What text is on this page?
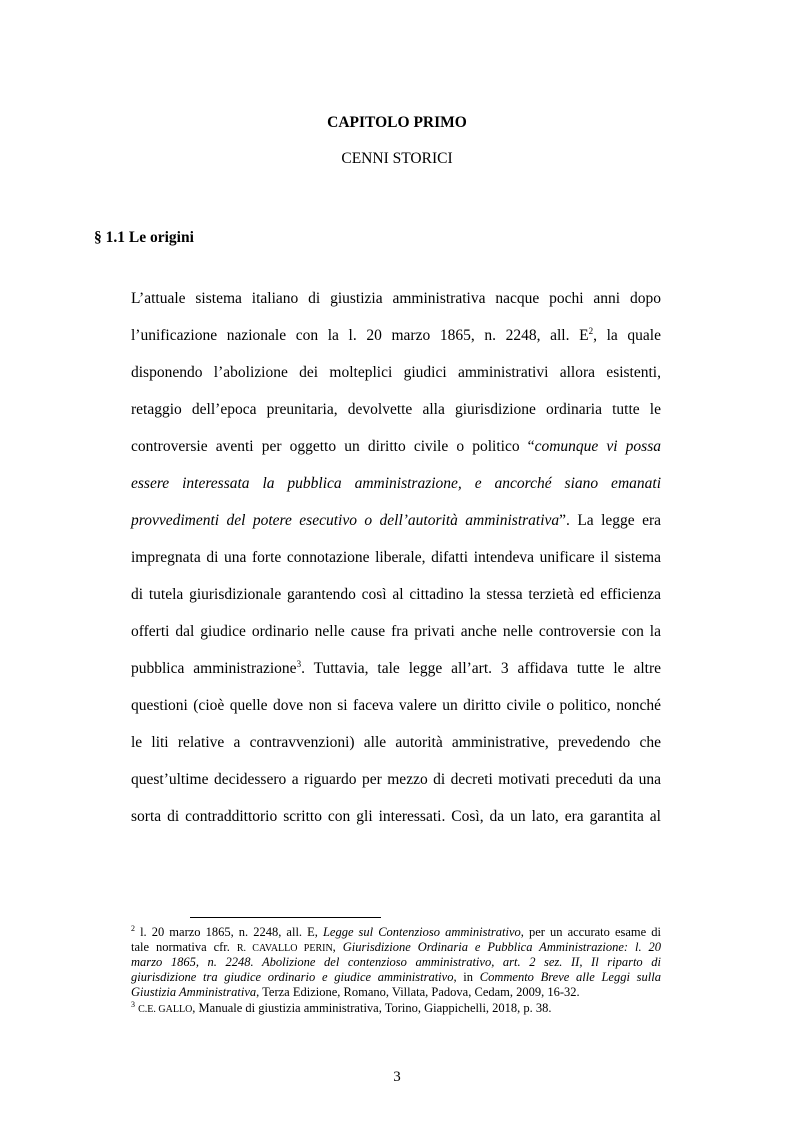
CAPITOLO PRIMO
CENNI STORICI
§ 1.1 Le origini
L’attuale sistema italiano di giustizia amministrativa nacque pochi anni dopo
l’unificazione nazionale con la l. 20 marzo 1865, n. 2248, all. $E^2$, la quale
disponendo l’abolizione dei molteplici giudici amministrativi allora esistenti,
retaggio dell’epoca preunitaria, devolvette alla giurisdizione ordinaria tutte le
controversie aventi per oggetto un diritto civile o politico “comunque vi possa
essere interessata la pubblica amministrazione, e ancorché siano emanati
provvedimenti del potere esecutivo o dell’autorità amministrativa”. La legge era
impregnata di una forte connotazione liberale, difatti intendeva unificare il sistema
di tutela giurisdizionale garantendo così al cittadino la stessa terzietà ed efficienza
offerti dal giudice ordinario nelle cause fra privati anche nelle controversie con la
pubblica amministrazione$^3$. Tuttavia, tale legge all’art. 3 affidava tutte le altre
questioni (cioè quelle dove non si faceva valere un diritto civile o politico, nonché
le liti relative a contravvenzioni) alle autorità amministrative, prevedendo che
quest’ultime decidessero a riguardo per mezzo di decreti motivati preceduti da una
sorta di contraddittorio scritto con gli interessati. Così, da un lato, era garantita al
$^2$ l. 20 marzo 1865, n. 2248, all. E, Legge sul Contenzioso amministrativo, per un accurato esame di
tale normativa cfr. R. CAVALLO PERIN, Giurisdizione Ordinaria e Pubblica Amministrazione: l. 20
marzo 1865, n. 2248. Abolizione del contenzioso amministrativo, art. 2 sez. II, Il riparto di
giurisdizione tra giudice ordinario e giudice amministrativo, in Commento Breve alle Leggi sulla
Giustizia Amministrativa, Terza Edizione, Romano, Villata, Padova, Cedam, 2009, 16-32.
$^3$ C.E. GALLO, Manuale di giustizia amministrativa, Torino, Giappichelli, 2018, p. 38.
3
